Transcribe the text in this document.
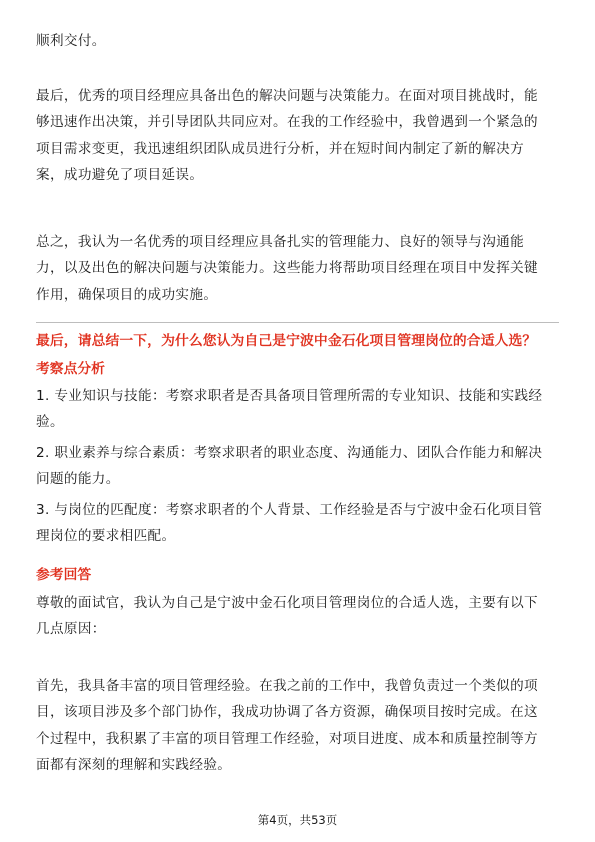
顺利交付。

最后，优秀的项目经理应具备出色的解决问题与决策能力。在面对项目挑战时，能
够迅速作出决策，并引导团队共同应对。在我的工作经验中，我曾遇到一个紧急的
项目需求变更，我迅速组织团队成员进行分析，并在短时间内制定了新的解决方
案，成功避免了项目延误。

总之，我认为一名优秀的项目经理应具备扎实的管理能力、良好的领导与沟通能
力，以及出色的解决问题与决策能力。这些能力将帮助项目经理在项目中发挥关键
作用，确保项目的成功实施。

最后，请总结一下，为什么您认为自己是宁波中金石化项目管理岗位的合适人选？
考察点分析

1. 专业知识与技能：考察求职者是否具备项目管理所需的专业知识、技能和实践经
验。

2. 职业素养与综合素质：考察求职者的职业态度、沟通能力、团队合作能力和解决
问题的能力。

3. 与岗位的匹配度：考察求职者的个人背景、工作经验是否与宁波中金石化项目管
理岗位的要求相匹配。

参考回答

尊敬的面试官，我认为自己是宁波中金石化项目管理岗位的合适人选，主要有以下
几点原因：

首先，我具备丰富的项目管理经验。在我之前的工作中，我曾负责过一个类似的项
目，该项目涉及多个部门协作，我成功协调了各方资源，确保项目按时完成。在这
个过程中，我积累了丰富的项目管理工作经验，对项目进度、成本和质量控制等方
面都有深刻的理解和实践经验。

第4页，共53页
